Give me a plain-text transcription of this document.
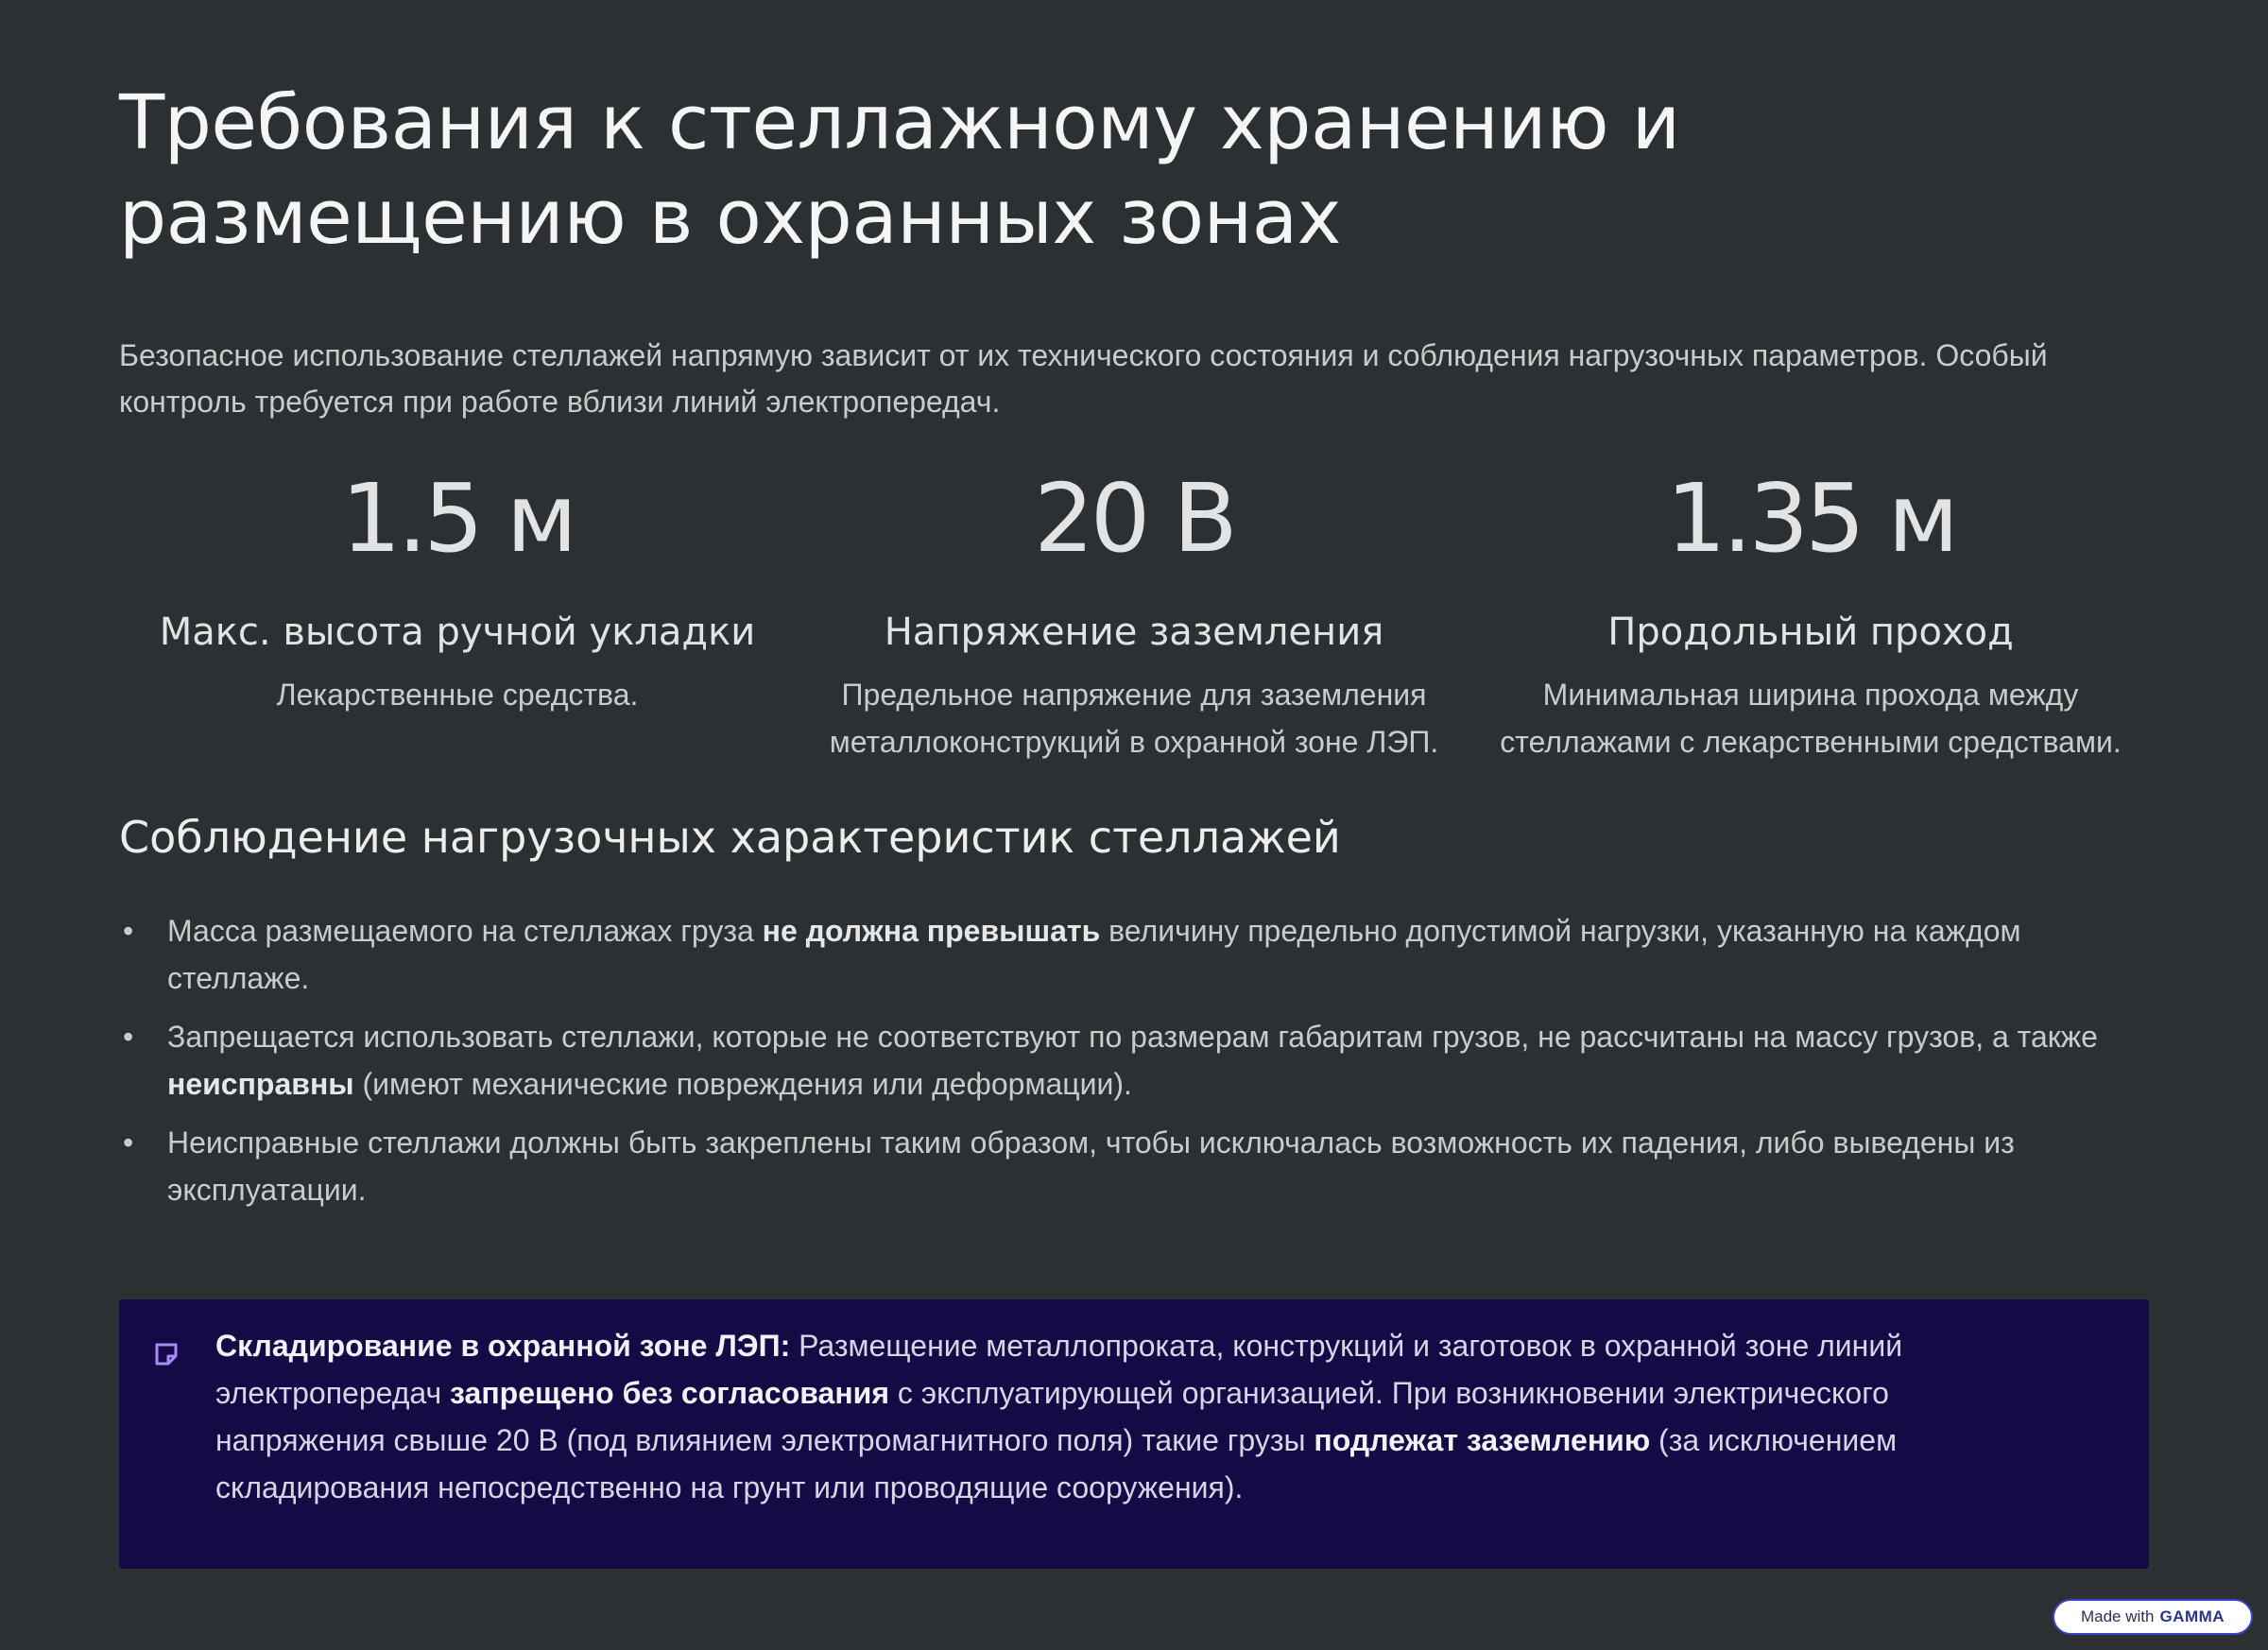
Требования к стеллажному хранению и размещению в охранных зонах

Безопасное использование стеллажей напрямую зависит от их технического состояния и соблюдения нагрузочных параметров. Особый контроль требуется при работе вблизи линий электропередач.

1.5 м
Макс. высота ручной укладки
Лекарственные средства.
20 В
Напряжение заземления
Предельное напряжение для заземления металлоконструкций в охранной зоне ЛЭП.
1.35 м
Продольный проход
Минимальная ширина прохода между стеллажами с лекарственными средствами.
Соблюдение нагрузочных характеристик стеллажей
• Масса размещаемого на стеллажах груза не должна превышать величину предельно допустимой нагрузки, указанную на каждом стеллаже.
• Запрещается использовать стеллажи, которые не соответствуют по размерам габаритам грузов, не рассчитаны на массу грузов, а также неисправны (имеют механические повреждения или деформации).
• Неисправные стеллажи должны быть закреплены таким образом, чтобы исключалась возможность их падения, либо выведены из эксплуатации.
Складирование в охранной зоне ЛЭП: Размещение металлопроката, конструкций и заготовок в охранной зоне линий электропередач запрещено без согласования с эксплуатирующей организацией. При возникновении электрического напряжения свыше 20 В (под влиянием электромагнитного поля) такие грузы подлежат заземлению (за исключением складирования непосредственно на грунт или проводящие сооружения).
Made with GAMMA
